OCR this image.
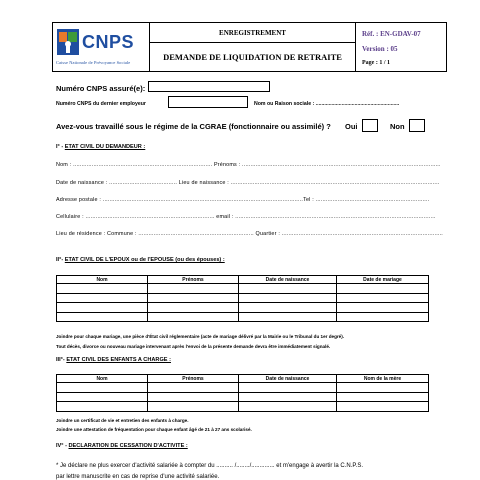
CNPS
Caisse Nationale de Prévoyance Sociale
ENREGISTREMENT
DEMANDE DE LIQUIDATION DE RETRAITE
Réf. : EN-GDAV-07
Version : 05
Page : 1 / 1
Numéro CNPS assuré(e):
Numéro CNPS du dernier employeur	Nom ou Raison sociale : ..........................................................
Avez-vous travaillé sous le régime de la CGRAE (fonctionnaire ou assimilé) ? Oui	Non
I° - ETAT CIVIL DU DEMANDEUR :
Nom : .................................................................................. Prénoms : .....................................................................................................................
Date de naissance : ........................................ Lieu de naissance : ...........................................................................................................................
Adresse postale : ......................................................................................................................Tel : ...................................................................
Cellulaire : ............................................................................ email : ......................................................................................................................
Lieu de résidence : Commune : .................................................................... Quartier : ...............................................................................................
II°- ETAT CIVIL DE L'EPOUX ou de l'EPOUSE (ou des épouses) :
Nom	Prénoms	Date de naissance	Date de mariage

Joindre pour chaque mariage, une pièce d'État civil réglementaire (acte de mariage délivré par la Mairie ou le Tribunal du 1er degré).
Tout décès, divorce ou nouveau mariage intervenant après l'envoi de la présente demande devra être immédiatement signalé.
III°- ETAT CIVIL DES ENFANTS A CHARGE :
Nom	Prénoms	Date de naissance	Nom de la mère

Joindre un certificat de vie et entretien des enfants à charge.
Joindre une attestation de fréquentation pour chaque enfant âgé de 21 à 27 ans scolarisé.
IV° - DECLARATION DE CESSATION D'ACTIVITE :
* Je déclare ne plus exercer d'activité salariée à compter du .......... /......../.............. et m'engage à avertir la C.N.P.S.
par lettre manuscrite en cas de reprise d'une activité salariée.
